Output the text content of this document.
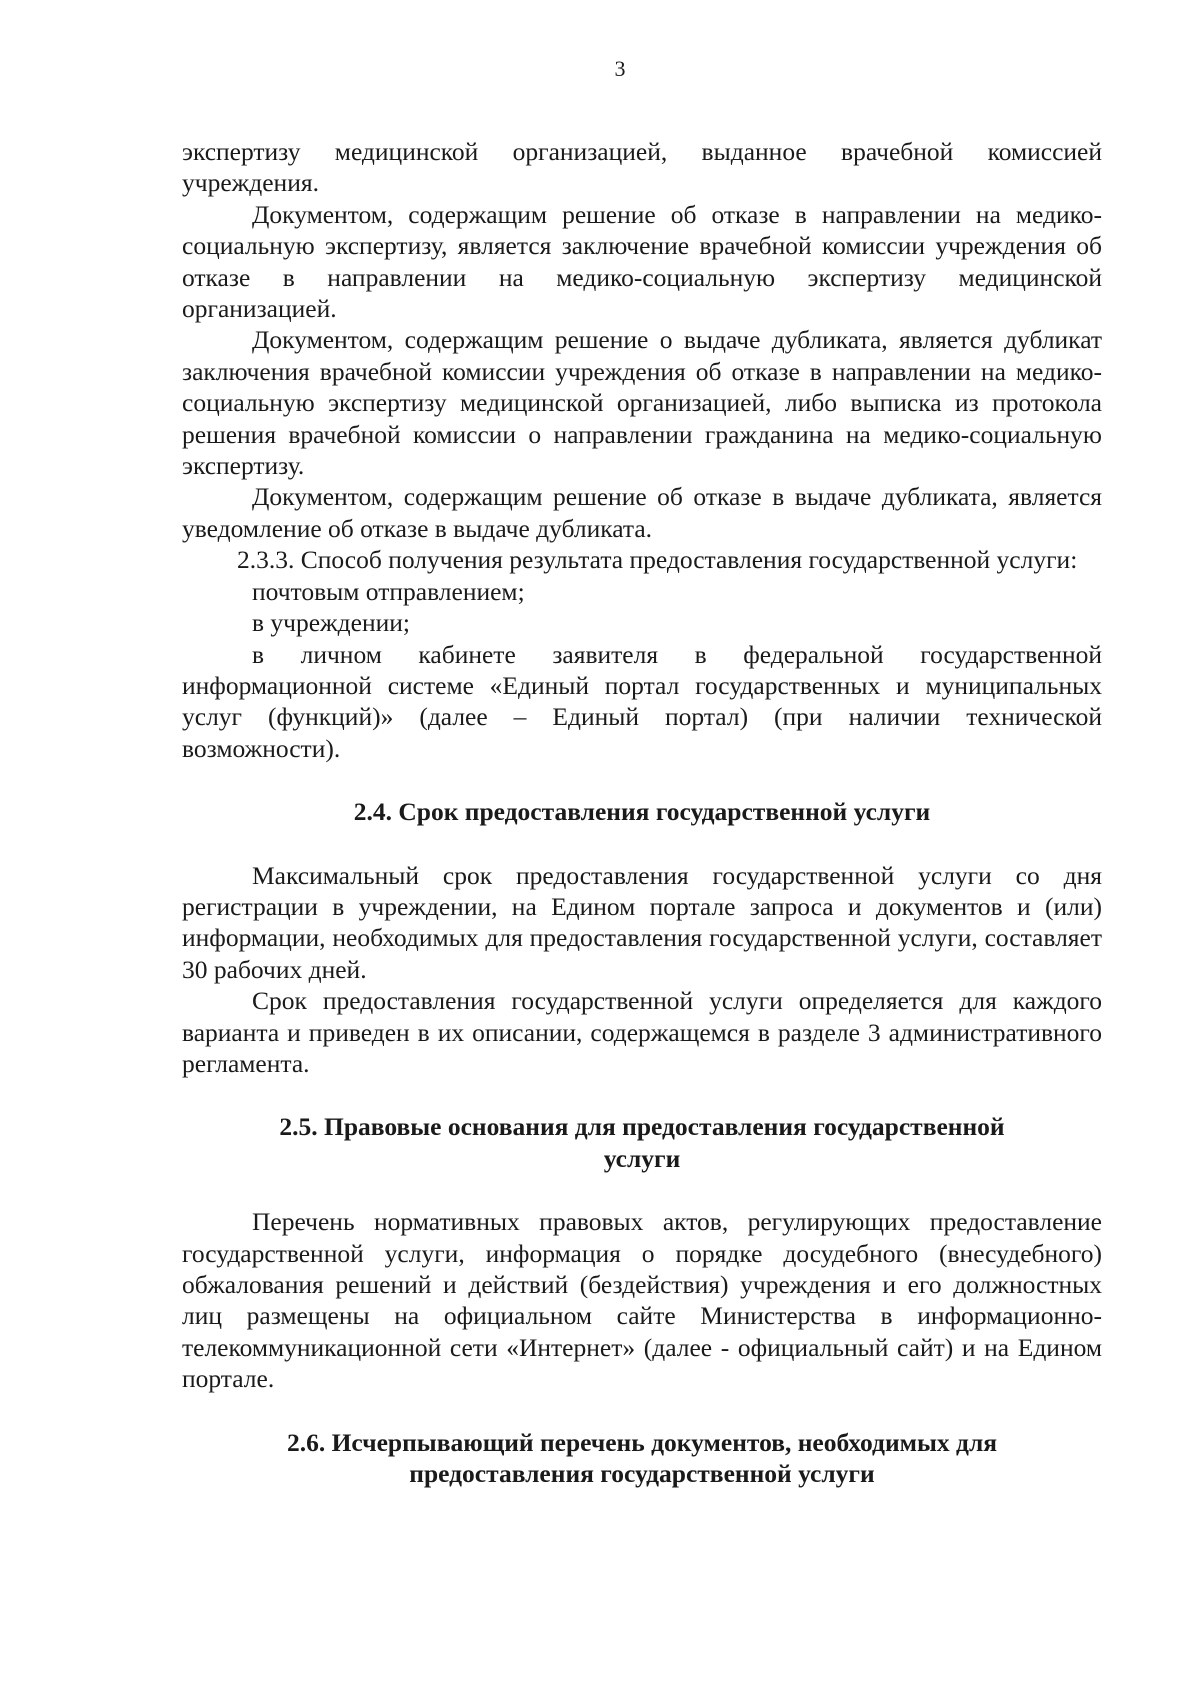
3

экспертизу медицинской организацией, выданное врачебной комиссией учреждения.

Документом, содержащим решение об отказе в направлении на медико-социальную экспертизу, является заключение врачебной комиссии учреждения об отказе в направлении на медико-социальную экспертизу медицинской организацией.

Документом, содержащим решение о выдаче дубликата, является дубликат заключения врачебной комиссии учреждения об отказе в направлении на медико-социальную экспертизу медицинской организацией, либо выписка из протокола решения врачебной комиссии о направлении гражданина на медико-социальную экспертизу.

Документом, содержащим решение об отказе в выдаче дубликата, является уведомление об отказе в выдаче дубликата.

2.3.3. Способ получения результата предоставления государственной услуги:

почтовым отправлением;

в учреждении;

в личном кабинете заявителя в федеральной государственной информационной системе «Единый портал государственных и муниципальных услуг (функций)» (далее – Единый портал) (при наличии технической возможности).

2.4. Срок предоставления государственной услуги

Максимальный срок предоставления государственной услуги со дня регистрации в учреждении, на Едином портале запроса и документов и (или) информации, необходимых для предоставления государственной услуги, составляет 30 рабочих дней.

Срок предоставления государственной услуги определяется для каждого варианта и приведен в их описании, содержащемся в разделе 3 административного регламента.

2.5. Правовые основания для предоставления государственной
услуги

Перечень нормативных правовых актов, регулирующих предоставление государственной услуги, информация о порядке досудебного (внесудебного) обжалования решений и действий (бездействия) учреждения и его должностных лиц размещены на официальном сайте Министерства в информационно-телекоммуникационной сети «Интернет» (далее - официальный сайт) и на Едином портале.

2.6. Исчерпывающий перечень документов, необходимых для
предоставления государственной услуги
